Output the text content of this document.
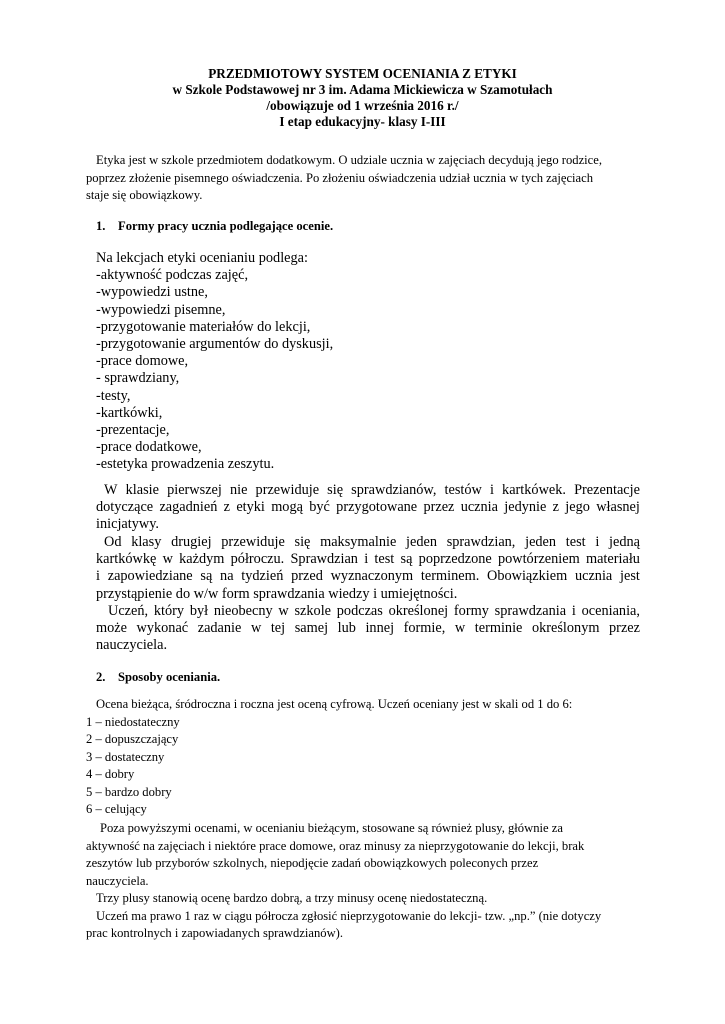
PRZEDMIOTOWY SYSTEM OCENIANIA Z ETYKI
w Szkole Podstawowej nr 3 im. Adama Mickiewicza w Szamotułach
/obowiązuje od 1 września 2016 r./
I etap edukacyjny- klasy I-III
Etyka jest w szkole przedmiotem dodatkowym. O udziale ucznia w zajęciach decydują jego rodzice,
poprzez złożenie pisemnego oświadczenia. Po złożeniu oświadczenia udział ucznia w tych zajęciach
staje się obowiązkowy.
1. Formy pracy ucznia podlegające ocenie.
Na lekcjach etyki ocenianiu podlega:
-aktywność podczas zajęć,
-wypowiedzi ustne,
-wypowiedzi pisemne,
-przygotowanie materiałów do lekcji,
-przygotowanie argumentów do dyskusji,
-prace domowe,
- sprawdziany,
-testy,
-kartkówki,
-prezentacje,
-prace dodatkowe,
-estetyka prowadzenia zeszytu.
W klasie pierwszej nie przewiduje się sprawdzianów, testów i kartkówek. Prezentacje
dotyczące zagadnień z etyki mogą być przygotowane przez ucznia jedynie z jego własnej
inicjatywy.
Od klasy drugiej przewiduje się maksymalnie jeden sprawdzian, jeden test i jedną
kartkówkę w każdym półroczu. Sprawdzian i test są poprzedzone powtórzeniem materiału
i zapowiedziane są na tydzień przed wyznaczonym terminem. Obowiązkiem ucznia jest
przystąpienie do w/w form sprawdzania wiedzy i umiejętności.
Uczeń, który był nieobecny w szkole podczas określonej formy sprawdzania i oceniania,
może wykonać zadanie w tej samej lub innej formie, w terminie określonym przez
nauczyciela.
2. Sposoby oceniania.
Ocena bieżąca, śródroczna i roczna jest oceną cyfrową. Uczeń oceniany jest w skali od 1 do 6:
1 – niedostateczny
2 – dopuszczający
3 – dostateczny
4 – dobry
5 – bardzo dobry
6 – celujący
Poza powyższymi ocenami, w ocenianiu bieżącym, stosowane są również plusy, głównie za
aktywność na zajęciach i niektóre prace domowe, oraz minusy za nieprzygotowanie do lekcji, brak
zeszytów lub przyborów szkolnych, niepodjęcie zadań obowiązkowych poleconych przez
nauczyciela.
Trzy plusy stanowią ocenę bardzo dobrą, a trzy minusy ocenę niedostateczną.
Uczeń ma prawo 1 raz w ciągu półrocza zgłosić nieprzygotowanie do lekcji- tzw. „np.” (nie dotyczy
prac kontrolnych i zapowiadanych sprawdzianów).
